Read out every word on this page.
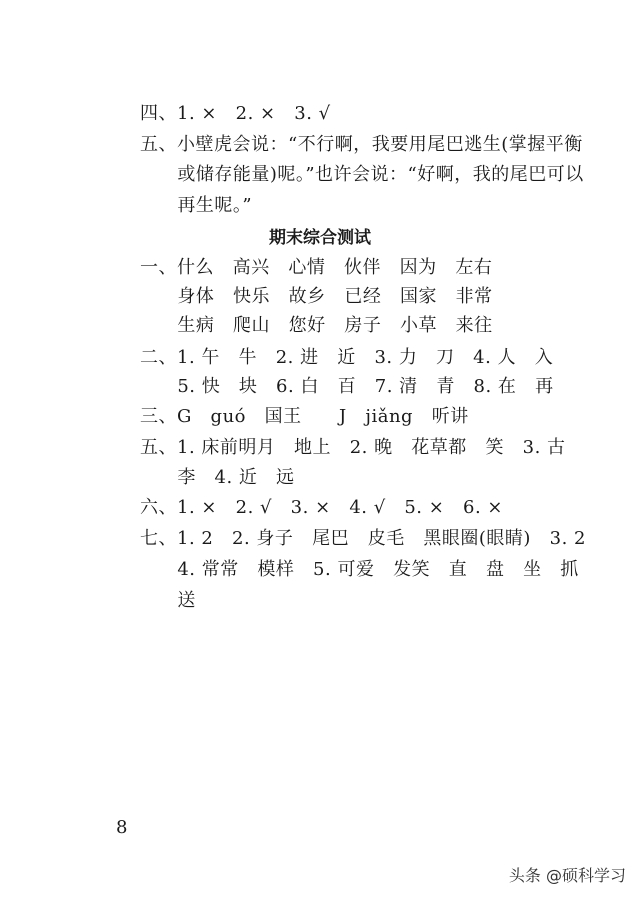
四、1. ×   2. ×   3. √
五、小壁虎会说：“不行啊，我要用尾巴逃生(掌握平衡
或储存能量)呢。”也许会说：“好啊，我的尾巴可以
再生呢。”
期末综合测试
一、什么   高兴   心情   伙伴   因为   左右
身体   快乐   故乡   已经   国家   非常
生病   爬山   您好   房子   小草   来往
二、1. 午   牛   2. 进   近   3. 力   刀   4. 人   入
5. 快   块   6. 白   百   7. 清   青   8. 在   再
三、G   guó   国王      J   jiǎng   听讲
五、1. 床前明月   地上   2. 晚   花草都   笑   3. 古
李   4. 近   远
六、1. ×   2. √   3. ×   4. √   5. ×   6. ×
七、1. 2   2. 身子   尾巴   皮毛   黑眼圈(眼睛)   3. 2
4. 常常   模样   5. 可爱   发笑   直   盘   坐   抓
送
8
头条 @硕科学习
